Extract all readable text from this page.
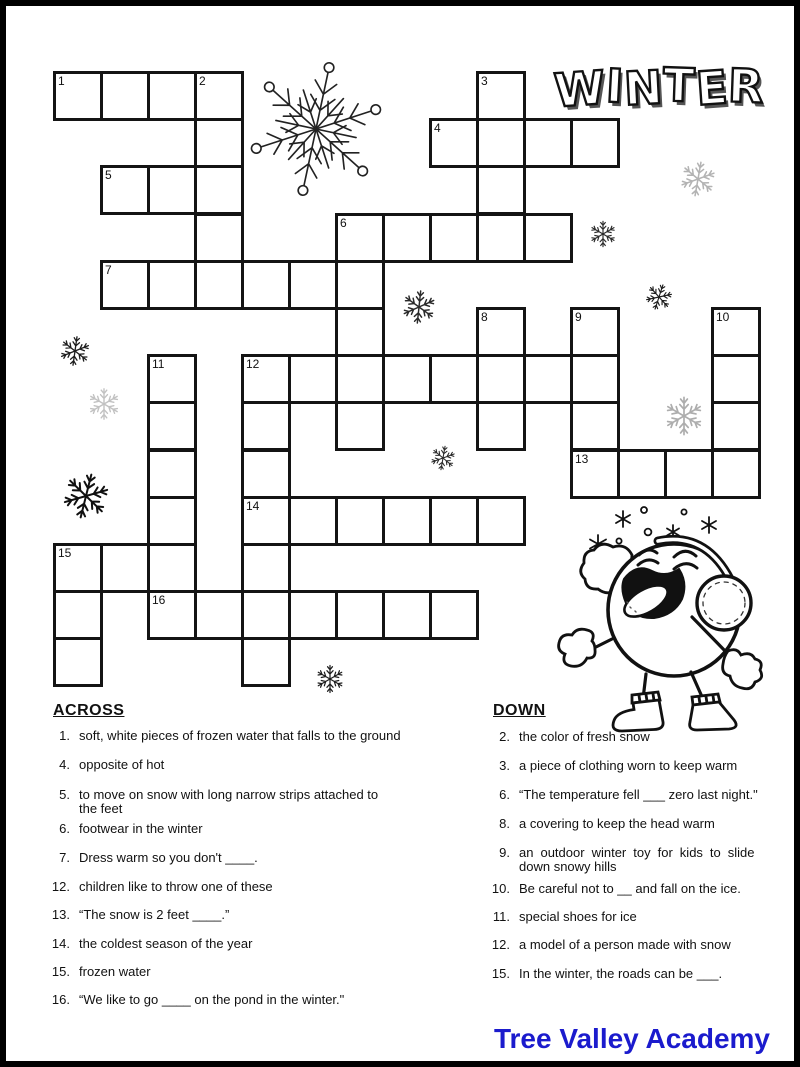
W
I
N
T
E
R
1	2	3
4
5
6
7
8	9	10
11	12
13
14
15
16
ACROSS
1. soft, white pieces of frozen water that falls to the ground
4. opposite of hot
5. to move on snow with long narrow strips attached to
the feet
6. footwear in the winter
7. Dress warm so you don't ____.
12. children like to throw one of these
13. “The snow is 2 feet ____.”
14. the coldest season of the year
15. frozen water
16. “We like to go ____ on the pond in the winter."
DOWN
2. the color of fresh snow
3. a piece of clothing worn to keep warm
6. “The temperature fell ___ zero last night."
8. a covering to keep the head warm
9. an outdoor winter toy for kids to slide
down snowy hills
10. Be careful not to __ and fall on the ice.
11. special shoes for ice
12. a model of a person made with snow
15. In the winter, the roads can be ___.
Tree Valley Academy
